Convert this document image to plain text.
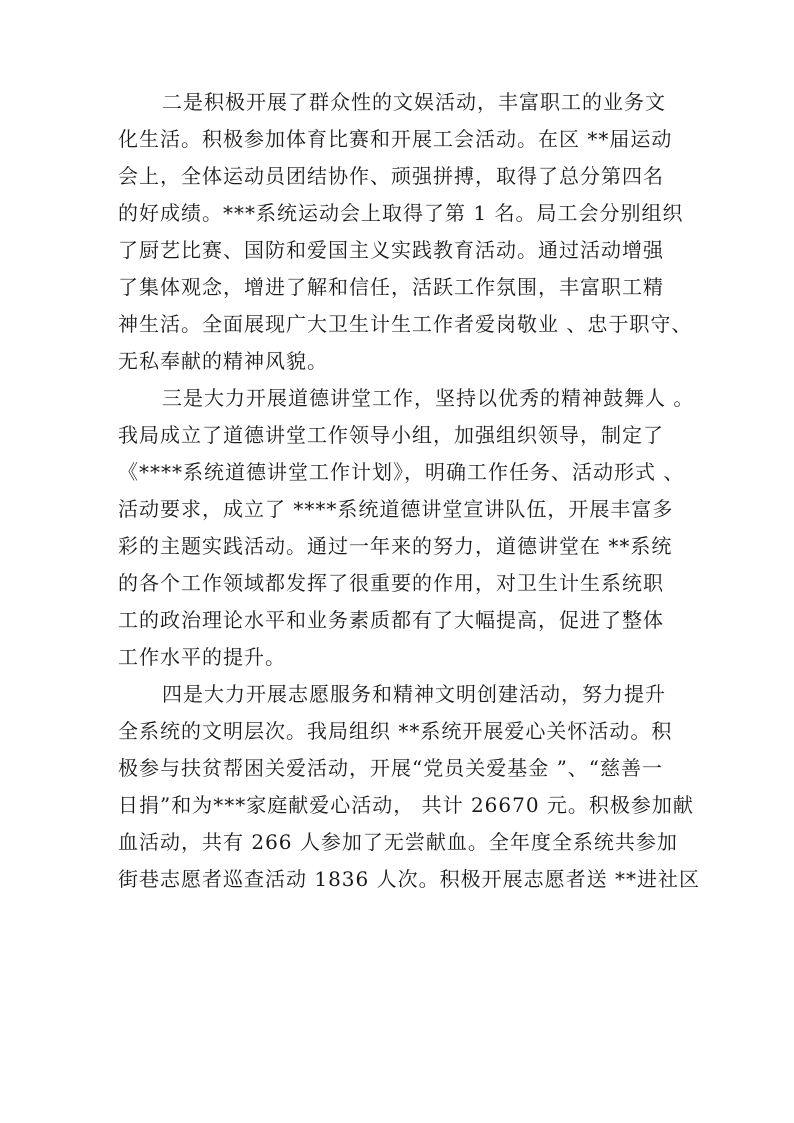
二是积极开展了群众性的文娱活动，丰富职工的业务文
化生活。积极参加体育比赛和开展工会活动。在区 **届运动
会上，全体运动员团结协作、顽强拼搏，取得了总分第四名
的好成绩。***系统运动会上取得了第 1 名。局工会分别组织
了厨艺比赛、国防和爱国主义实践教育活动。通过活动增强
了集体观念，增进了解和信任，活跃工作氛围，丰富职工精
神生活。全面展现广大卫生计生工作者爱岗敬业 、忠于职守、
无私奉献的精神风貌。

三是大力开展道德讲堂工作，坚持以优秀的精神鼓舞人 。
我局成立了道德讲堂工作领导小组，加强组织领导，制定了
《****系统道德讲堂工作计划》，明确工作任务、活动形式 、
活动要求，成立了 ****系统道德讲堂宣讲队伍，开展丰富多
彩的主题实践活动。通过一年来的努力，道德讲堂在 **系统
的各个工作领域都发挥了很重要的作用，对卫生计生系统职
工的政治理论水平和业务素质都有了大幅提高，促进了整体
工作水平的提升。

四是大力开展志愿服务和精神文明创建活动，努力提升
全系统的文明层次。我局组织 **系统开展爱心关怀活动。积
极参与扶贫帮困关爱活动，开展“党员关爱基金 ”、“慈善一
日捐”和为***家庭献爱心活动， 共计 26670 元。积极参加献
血活动，共有 266 人参加了无尝献血。全年度全系统共参加
街巷志愿者巡查活动 1836 人次。积极开展志愿者送 **进社区
